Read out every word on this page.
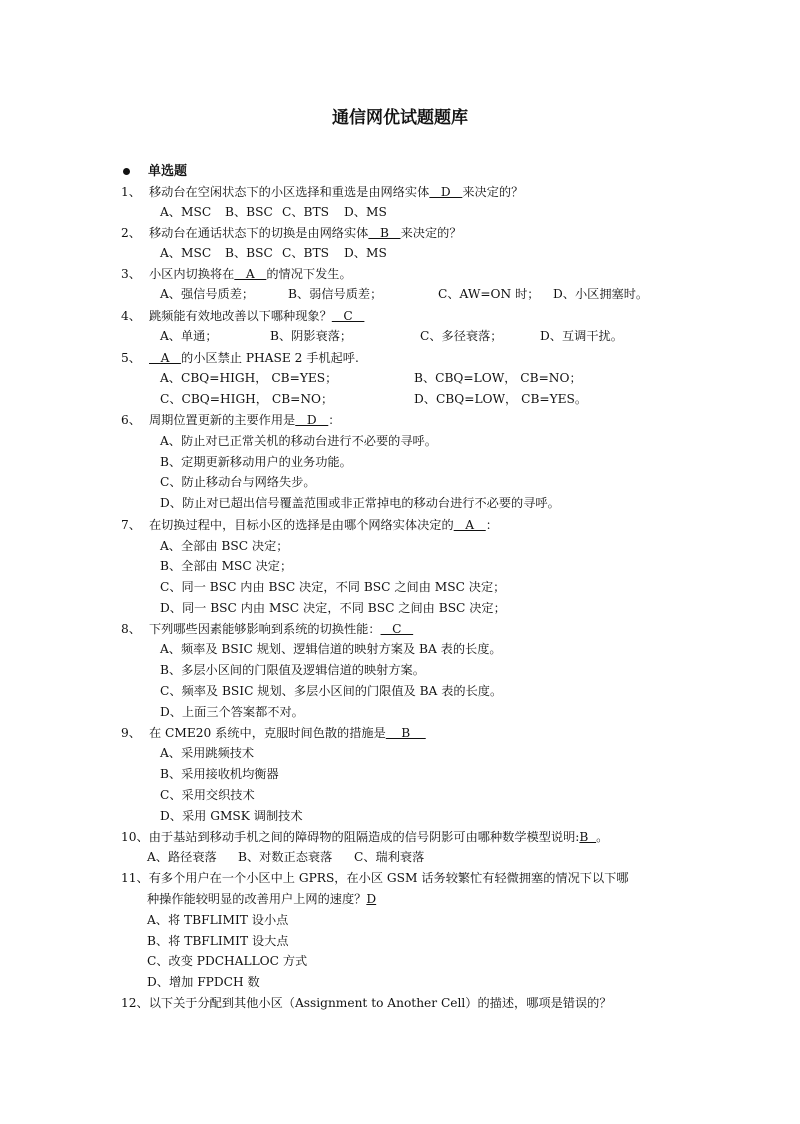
通信网优试题题库
单选题
1、 移动台在空闲状态下的小区选择和重选是由网络实体   D   来决定的？
A、MSC B、BSC C、BTS D、MS
2、 移动台在通话状态下的切换是由网络实体   B   来决定的？
A、MSC B、BSC C、BTS D、MS
3、 小区内切换将在   A   的情况下发生。
A、强信号质差；	B、弱信号质差；	C、AW=ON 时； D、小区拥塞时。
4、 跳频能有效地改善以下哪种现象？   C
A、单通；	B、阴影衰落；	C、多径衰落；	D、互调干扰。
5、   A   的小区禁止 PHASE 2 手机起呼.
A、CBQ=HIGH， CB=YES；	B、CBQ=LOW， CB=NO；
C、CBQ=HIGH， CB=NO；	D、CBQ=LOW， CB=YES。
6、 周期位置更新的主要作用是   D   ：
A、防止对已正常关机的移动台进行不必要的寻呼。
B、定期更新移动用户的业务功能。
C、防止移动台与网络失步。
D、防止对已超出信号覆盖范围或非正常掉电的移动台进行不必要的寻呼。
7、 在切换过程中，目标小区的选择是由哪个网络实体决定的   A   ：
A、全部由 BSC 决定；
B、全部由 MSC 决定；
C、同一 BSC 内由 BSC 决定，不同 BSC 之间由 MSC 决定；
D、同一 BSC 内由 MSC 决定，不同 BSC 之间由 BSC 决定；
8、 下列哪些因素能够影响到系统的切换性能：   C
A、频率及 BSIC 规划、逻辑信道的映射方案及 BA 表的长度。
B、多层小区间的门限值及逻辑信道的映射方案。
C、频率及 BSIC 规划、多层小区间的门限值及 BA 表的长度。
D、上面三个答案都不对。
9、 在 CME20 系统中，克服时间色散的措施是    B
A、采用跳频技术
B、采用接收机均衡器
C、采用交织技术
D、采用 GMSK 调制技术
10、由于基站到移动手机之间的障碍物的阻隔造成的信号阴影可由哪种数学模型说明:B  。
A、路径衰落 B、对数正态衰落 C、瑞利衰落
11、有多个用户在一个小区中上 GPRS，在小区 GSM 话务较繁忙有轻微拥塞的情况下以下哪
种操作能较明显的改善用户上网的速度？D
A、将 TBFLIMIT 设小点
B、将 TBFLIMIT 设大点
C、改变 PDCHALLOC 方式
D、增加 FPDCH 数
12、以下关于分配到其他小区（Assignment to Another Cell）的描述，哪项是错误的？
